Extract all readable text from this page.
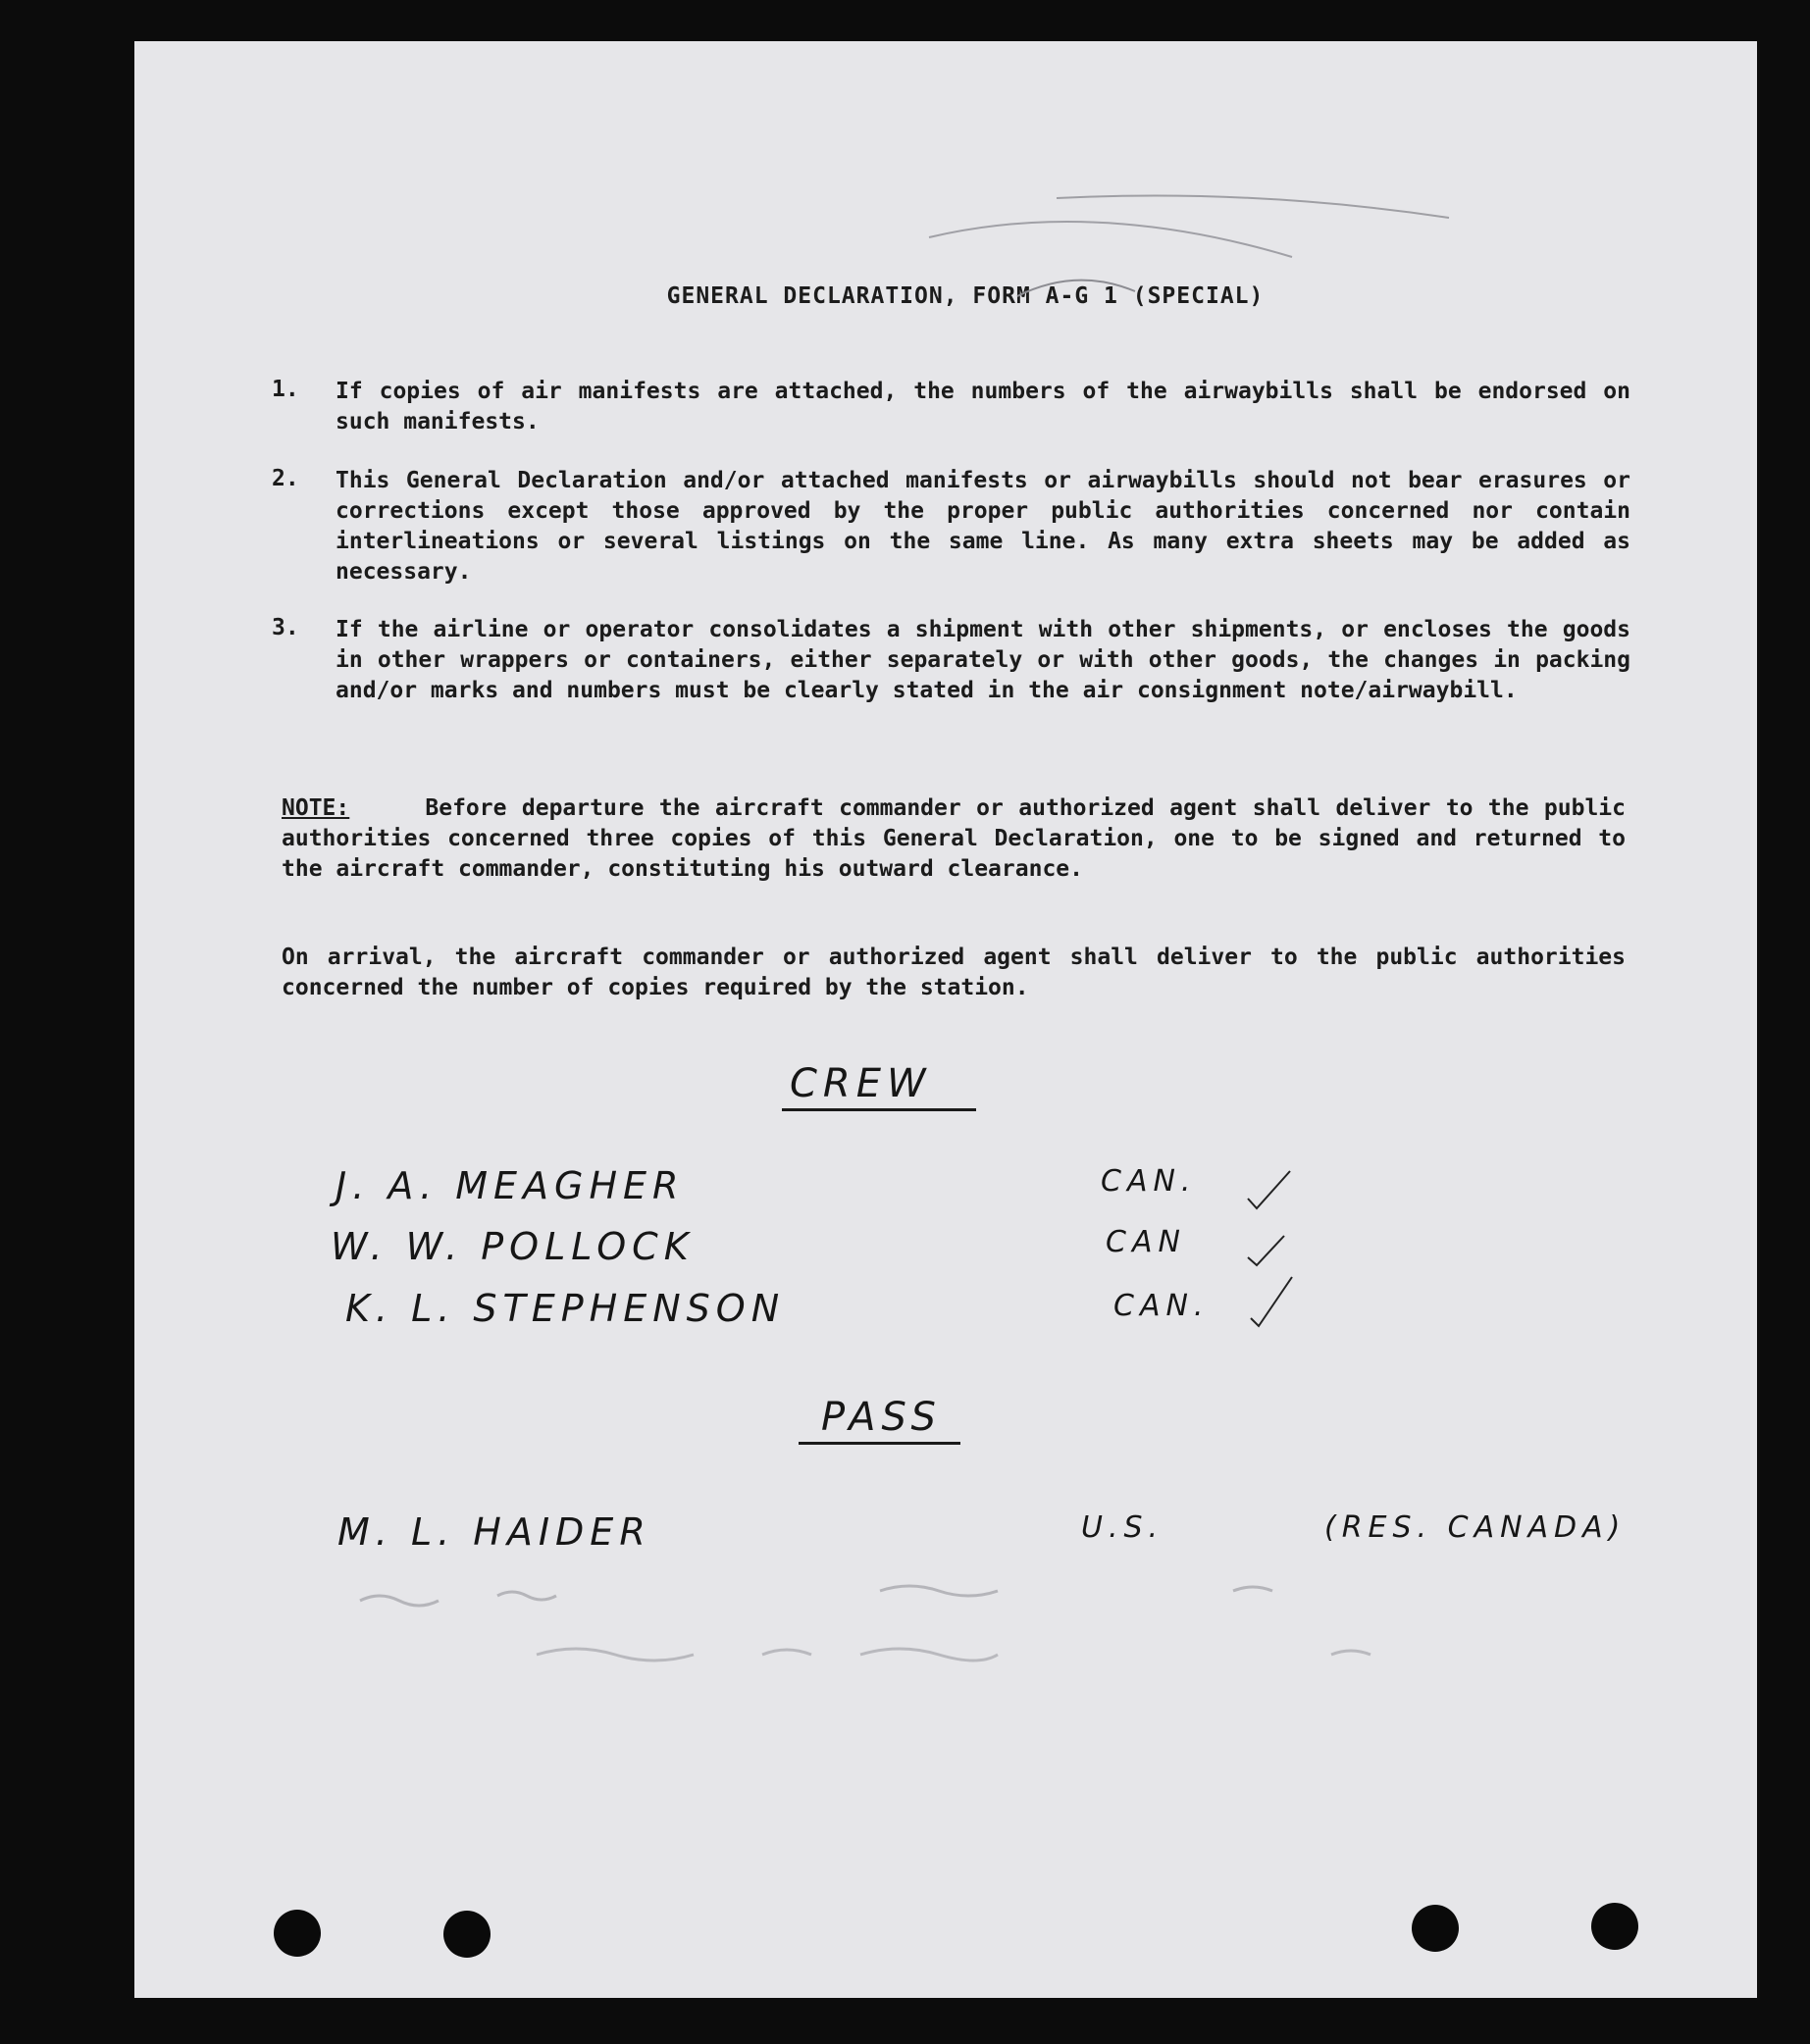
GENERAL DECLARATION, FORM A-G 1 (SPECIAL)
1. If copies of air manifests are attached, the numbers of the airwaybills shall be endorsed on such manifests.
2. This General Declaration and/or attached manifests or airwaybills should not bear erasures or corrections except those approved by the proper public authorities concerned nor contain interlineations or several listings on the same line. As many extra sheets may be added as necessary.
3. If the airline or operator consolidates a shipment with other shipments, or encloses the goods in other wrappers or containers, either separately or with other goods, the changes in packing and/or marks and numbers must be clearly stated in the air consignment note/airwaybill.
NOTE:	Before departure the aircraft commander or authorized agent shall deliver to the public authorities concerned three copies of this General Declaration, one to be signed and returned to the aircraft commander, constituting his outward clearance.
On arrival, the aircraft commander or authorized agent shall deliver to the public authorities concerned the number of copies required by the station.
CREW
J. A. MEAGHER	CAN.
W. W. POLLOCK	CAN
K. L. STEPHENSON	CAN.
PASS
M. L. HAIDER	U.S.	(RES. CANADA)
